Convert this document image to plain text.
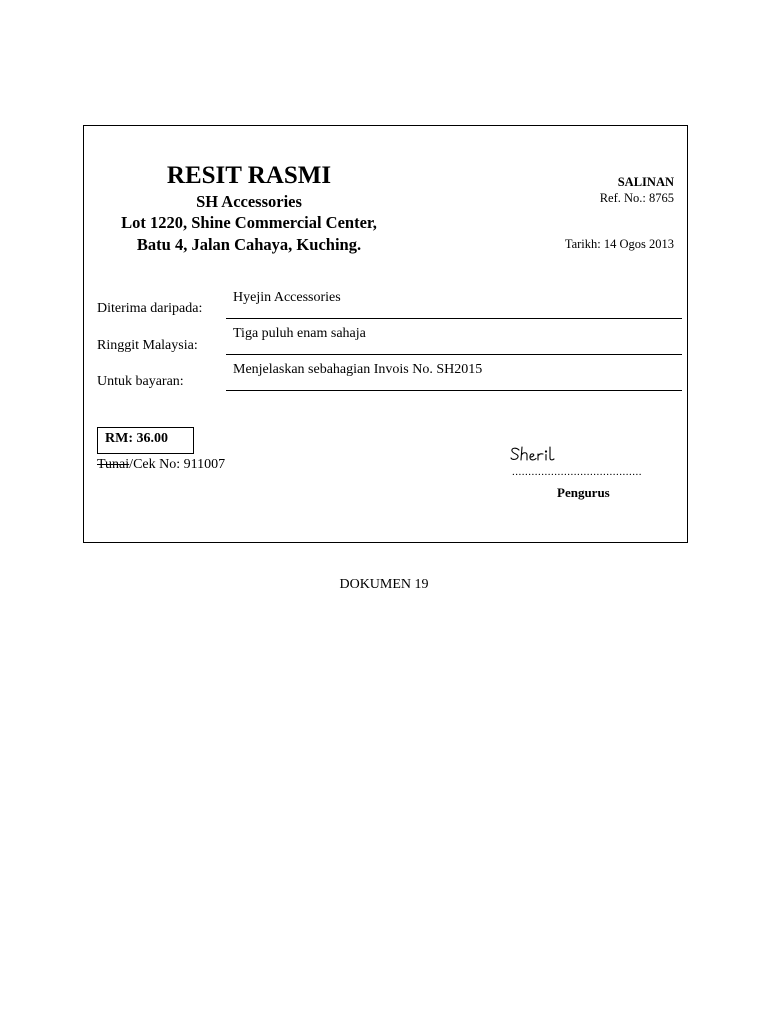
RESIT RASMI
SH Accessories
Lot 1220, Shine Commercial Center,
Batu 4, Jalan Cahaya, Kuching.
SALINAN
Ref. No.: 8765
Tarikh: 14 Ogos 2013
Diterima daripada:
Hyejin Accessories
Ringgit Malaysia:
Tiga puluh enam sahaja
Untuk bayaran:
Menjelaskan sebahagian Invois No. SH2015
RM: 36.00
Tunai/Cek No: 911007	........................................
Pengurus
DOKUMEN 19
